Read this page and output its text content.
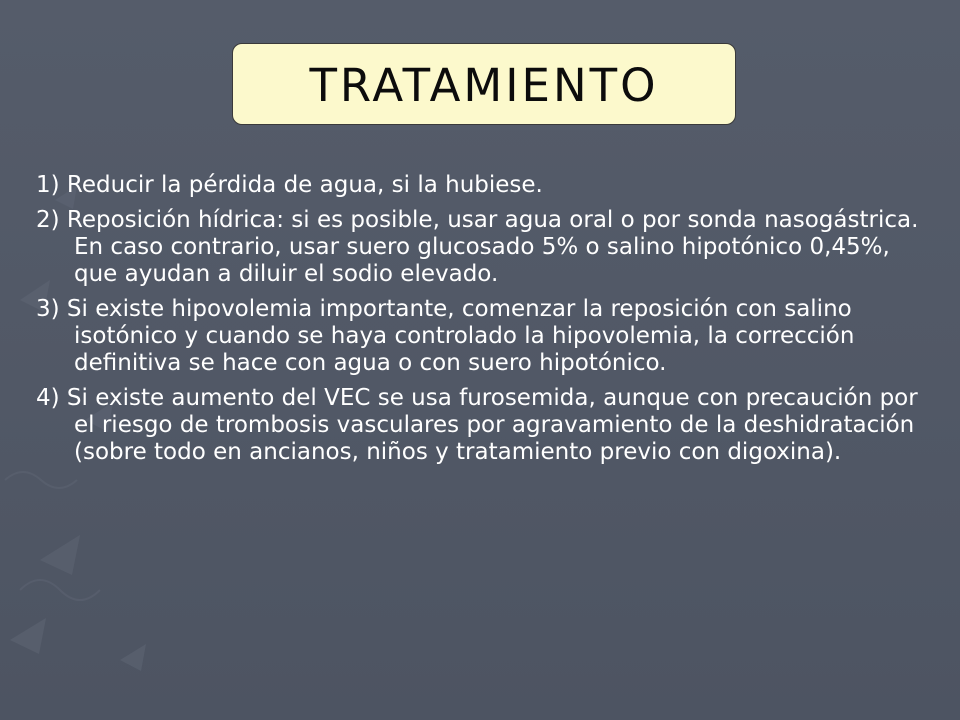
TRATAMIENTO
1) Reducir la pérdida de agua, si la hubiese.
2) Reposición hídrica: si es posible, usar agua oral o por sonda nasogástrica. En caso contrario, usar suero glucosado 5% o salino hipotónico 0,45%, que ayudan a diluir el sodio elevado.
3) Si existe hipovolemia importante, comenzar la reposición con salino isotónico y cuando se haya controlado la hipovolemia, la corrección definitiva se hace con agua o con suero hipotónico.
4) Si existe aumento del VEC se usa furosemida, aunque con precaución por el riesgo de trombosis vasculares por agravamiento de la deshidratación (sobre todo en ancianos, niños y tratamiento previo con digoxina).
